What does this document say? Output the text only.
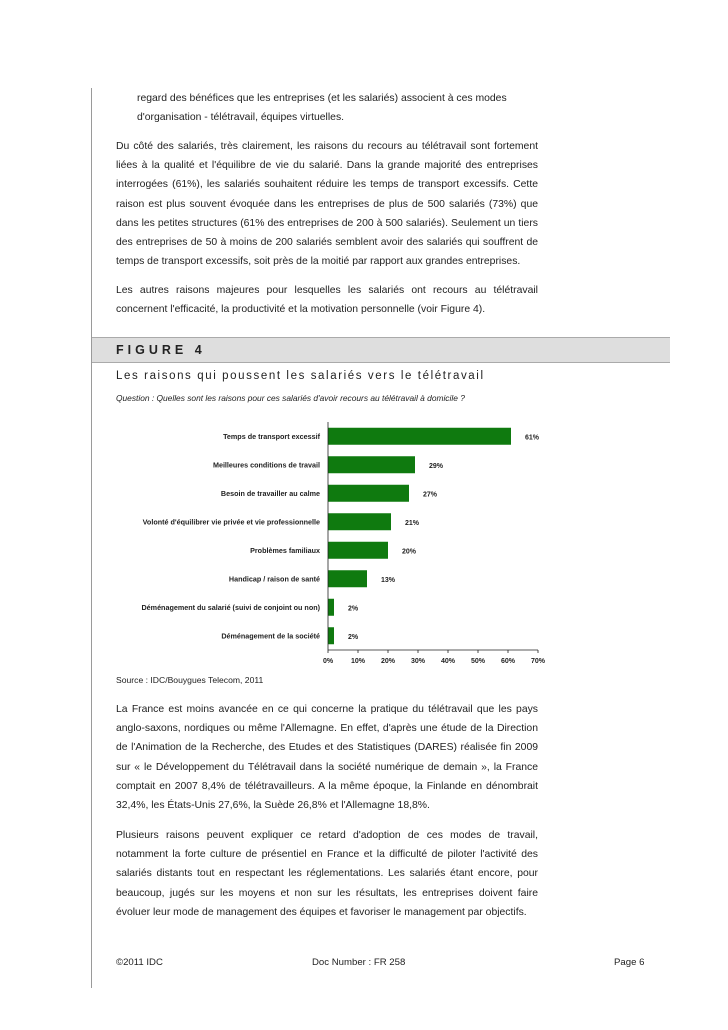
regard des bénéfices que les entreprises (et les salariés) associent à ces modes d'organisation - télétravail, équipes virtuelles.

Du côté des salariés, très clairement, les raisons du recours au télétravail sont fortement liées à la qualité et l'équilibre de vie du salarié. Dans la grande majorité des entreprises interrogées (61%), les salariés souhaitent réduire les temps de transport excessifs. Cette raison est plus souvent évoquée dans les entreprises de plus de 500 salariés (73%) que dans les petites structures (61% des entreprises de 200 à 500 salariés). Seulement un tiers des entreprises de 50 à moins de 200 salariés semblent avoir des salariés qui souffrent de temps de transport excessifs, soit près de la moitié par rapport aux grandes entreprises.

Les autres raisons majeures pour lesquelles les salariés ont recours au télétravail concernent l'efficacité, la productivité et la motivation personnelle (voir Figure 4).

FIGURE 4
Les raisons qui poussent les salariés vers le télétravail
Question : Quelles sont les raisons pour ces salariés d'avoir recours au télétravail à domicile ?
Temps de transport excessif	61%
Meilleures conditions de travail	29%
Besoin de travailler au calme	27%
Volonté d'équilibrer vie privée et vie professionnelle	21%
Problèmes familiaux	20%
Handicap / raison de santé	13%
Déménagement du salarié (suivi de conjoint ou non)	2%
Déménagement de la société	2%
0%	10% 20% 30% 40% 50% 60% 70%
Source : IDC/Bouygues Telecom, 2011

La France est moins avancée en ce qui concerne la pratique du télétravail que les pays anglo-saxons, nordiques ou même l'Allemagne. En effet, d'après une étude de la Direction de l'Animation de la Recherche, des Etudes et des Statistiques (DARES) réalisée fin 2009 sur « le Développement du Télétravail dans la société numérique de demain », la France comptait en 2007 8,4% de télétravailleurs. A la même époque, la Finlande en dénombrait 32,4%, les États-Unis 27,6%, la Suède 26,8% et l'Allemagne 18,8%.

Plusieurs raisons peuvent expliquer ce retard d'adoption de ces modes de travail, notamment la forte culture de présentiel en France et la difficulté de piloter l'activité des salariés distants tout en respectant les réglementations. Les salariés étant encore, pour beaucoup, jugés sur les moyens et non sur les résultats, les entreprises doivent faire évoluer leur mode de management des équipes et favoriser le management par objectifs.

©2011 IDC	Doc Number : FR 258	Page 6
